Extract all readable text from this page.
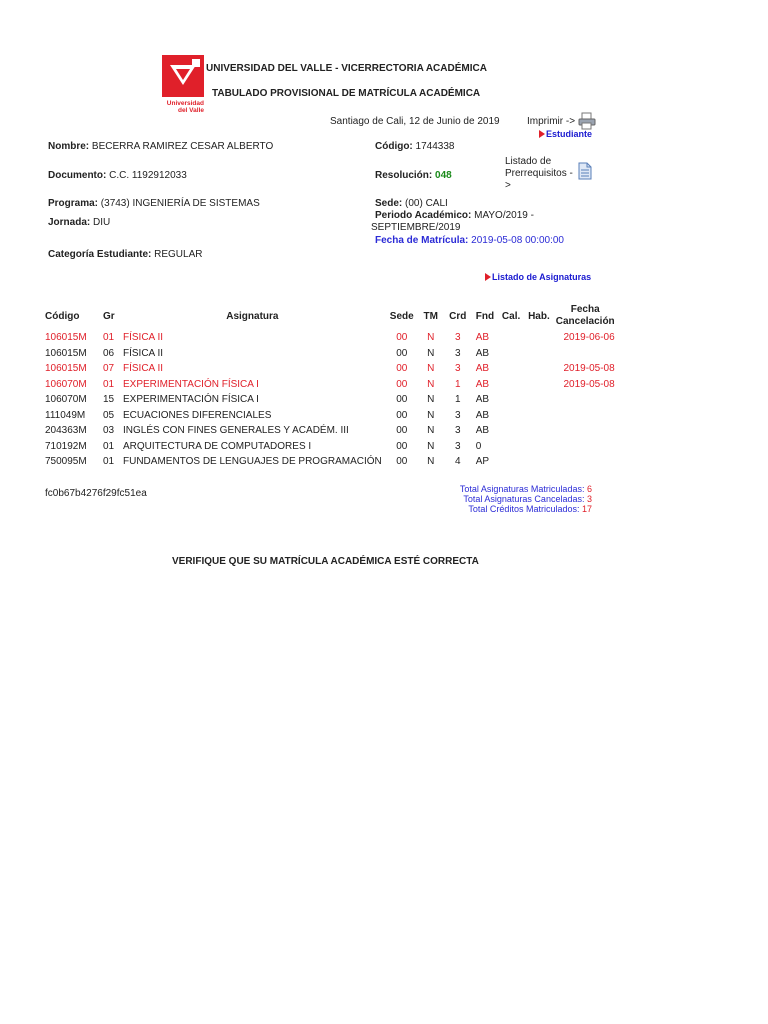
Universidad
del Valle
UNIVERSIDAD DEL VALLE - VICERRECTORIA ACADÉMICA
TABULADO PROVISIONAL DE MATRÍCULA ACADÉMICA
Santiago de Cali, 12 de Junio de 2019	Imprimir ->
Estudiante
Nombre: BECERRA RAMIREZ CESAR ALBERTO	Código: 1744338
Listado de Prerrequisitos ->
Documento: C.C. 1192912033	Resolución: 048
Programa: (3743) INGENIERÍA DE SISTEMAS	Sede: (00) CALI
Jornada: DIU
Periodo Académico: MAYO/2019 - SEPTIEMBRE/2019
Fecha de Matrícula: 2019-05-08 00:00:00
Categoría Estudiante: REGULAR
Listado de Asignaturas
Código	Gr	Asignatura	Sede	TM	Crd	Fnd	Cal.	Hab.	Fecha Cancelación
106015M	01	FÍSICA II	00	N	3	AB			2019-06-06
106015M	06	FÍSICA II	00	N	3	AB			
106015M	07	FÍSICA II	00	N	3	AB			2019-05-08
106070M	01	EXPERIMENTACIÓN FÍSICA I	00	N	1	AB			2019-05-08
106070M	15	EXPERIMENTACIÓN FÍSICA I	00	N	1	AB			
111049M	05	ECUACIONES DIFERENCIALES	00	N	3	AB			
204363M	03	INGLÉS CON FINES GENERALES Y ACADÉM. III	00	N	3	AB			
710192M	01	ARQUITECTURA DE COMPUTADORES I	00	N	3	0			
750095M	01	FUNDAMENTOS DE LENGUAJES DE PROGRAMACIÓN	00	N	4	AP			
fc0b67b4276f29fc51ea	Total Asignaturas Matriculadas: 6
Total Asignaturas Canceladas: 3
Total Créditos Matriculados: 17
VERIFIQUE QUE SU MATRÍCULA ACADÉMICA ESTÉ CORRECTA
